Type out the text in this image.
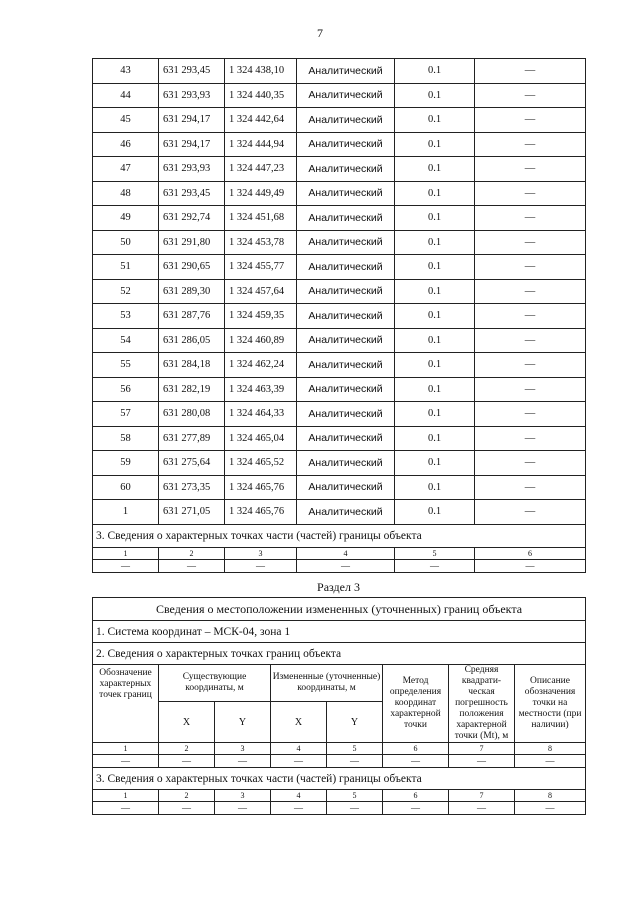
7
43	631 293,45	1 324 438,10	Аналитический	0.1	—
44	631 293,93	1 324 440,35	Аналитический	0.1	—
45	631 294,17	1 324 442,64	Аналитический	0.1	—
46	631 294,17	1 324 444,94	Аналитический	0.1	—
47	631 293,93	1 324 447,23	Аналитический	0.1	—
48	631 293,45	1 324 449,49	Аналитический	0.1	—
49	631 292,74	1 324 451,68	Аналитический	0.1	—
50	631 291,80	1 324 453,78	Аналитический	0.1	—
51	631 290,65	1 324 455,77	Аналитический	0.1	—
52	631 289,30	1 324 457,64	Аналитический	0.1	—
53	631 287,76	1 324 459,35	Аналитический	0.1	—
54	631 286,05	1 324 460,89	Аналитический	0.1	—
55	631 284,18	1 324 462,24	Аналитический	0.1	—
56	631 282,19	1 324 463,39	Аналитический	0.1	—
57	631 280,08	1 324 464,33	Аналитический	0.1	—
58	631 277,89	1 324 465,04	Аналитический	0.1	—
59	631 275,64	1 324 465,52	Аналитический	0.1	—
60	631 273,35	1 324 465,76	Аналитический	0.1	—
1	631 271,05	1 324 465,76	Аналитический	0.1	—
3. Сведения о характерных точках части (частей) границы объекта					
1	2	3	4	5	6
—	—	—	—	—	—
Раздел 3
Сведения о местоположении измененных (уточненных) границ объекта							
1. Система координат – МСК-04, зона 1							
2. Сведения о характерных точках границ объекта							
Обозначение характерных точек границ	Существующие координаты, м		Измененные (уточненные) координаты, м		Метод определения координат характерной точки	Средняя квадрати-ческая погрешность положения характерной точки (Mt), м	Описание обозначения точки на местности (при наличии)
	X	Y	X	Y			
1	2	3	4	5	6	7	8
—	—	—	—	—	—	—	—
3. Сведения о характерных точках части (частей) границы объекта							
1	2	3	4	5	6	7	8
—	—	—	—	—	—	—	—
